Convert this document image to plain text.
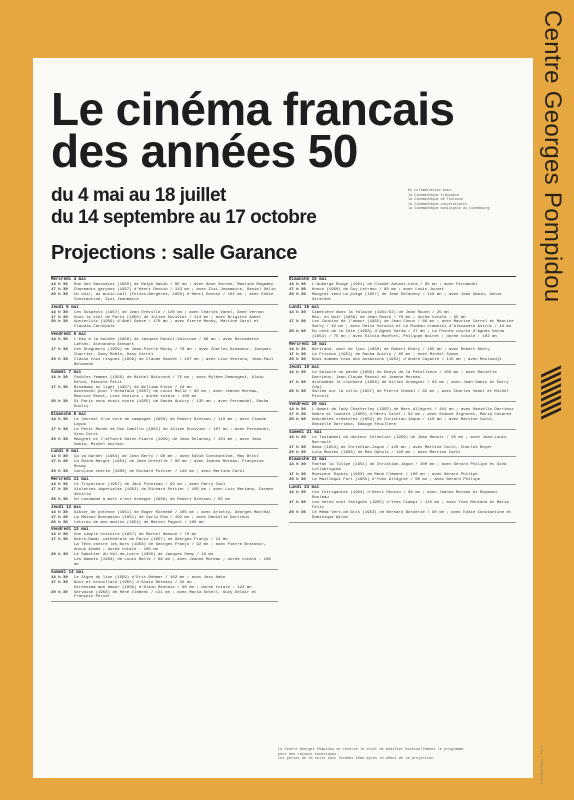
Le cinéma francais
des années 50
du 4 mai au 18 juillet
du 14 septembre au 17 octobre
En collaboration avec:
la Cinémathèque française
la Cinémathèque de Toulouse
la Cinémathèque universitaire
la Cinémathèque municipale du Luxembourg
Projections : salle Garance
Mercredi 4 mai
14 h 30	Rue des Saussaies (1950) de Ralph Habib / 85 mn ; avec Anne Vernon, Maurice Regamey
17 h 30	Charmants garçons (1957) d'Henri Decoin / 113 mn ; avec Zizi Jeanmaire, Daniel Gélin
20 h 30	Un soir, au music-hall (Folies-Bergères, 1956) d'Henri Decoin / 102 mn ; avec Eddie Constantine, Zizi Jeanmaire
Jeudi 5 mai
14 h 30	Les Suspects (1957) de Jean Dréville / 120 mn ; avec Charles Vanel, Anne Vernon
17 h 30	Sous le ciel de Paris (1950) de Julien Duvivier / 114 mn ; avec Brigitte Auber
20 h 30	Austerlitz (1959) d'Abel Gance / 170 mn ; avec Pierre Mondy, Martine Carol et Claudia Cardinale
Vendredi 6 mai
14 h 30	L'Eau à la bouche (1959) de Jacques Doniol-Valcroze / 88 mn ; avec Bernadette Lafont, Alexandra Stewart
17 h 30	Les Dragueurs (1959) de Jean-Pierre Mocky / 78 mn ; avec Charles Aznavour, Jacques Charrier, Dany Robin, Dany Carrel
20 h 30	Classe tous risques (1959) de Claude Sautet / 107 mn ; avec Lino Ventura, Jean-Paul Belmondo
Samedi 7 mai
14 h 30	Faibles femmes (1959) de Michel Boisrond / 75 mn ; avec Mylène Demongeot, Alain Delon, Pascale Petit
17 h 30	Broadway by light (1957) de William Klein / 10 mn
Ascenseur pour l'échafaud (1957) de Louis Malle / 90 mn ; avec Jeanne Moreau, Maurice Ronet, Lino Ventura ; durée totale : 100 mn
20 h 30	Si Paris nous était conté (1955) de Sacha Guitry / 135 mn ; avec Fernandel, Sacha Guitry
Dimanche 8 mai
14 h 30	Le Journal d'un curé de campagne (1950) de Robert Bresson / 110 mn ; avec Claude Laydu
17 h 30	Le Petit Monde de Don Camillo (1951) de Julien Duvivier / 107 mn ; avec Fernandel, Gino Cervi
20 h 30	Maigret et l'affaire Saint-Fiacre (1959) de Jean Delannoy / 101 mn ; avec Jean Gabin, Michel Auclair
Lundi 9 mai
14 h 30	Ça va barder (1954) de John Berry / 90 mn ; avec Eddie Constantine, May Britt
17 h 30	La Reine Margot (1954) de Jean Dréville / 90 mn ; avec Jeanne Moreau, Françoise Rosay
20 h 30	Caroline chérie (1950) de Richard Pottier / 140 mn ; avec Martine Carol
Mercredi 11 mai
14 h 30	Le Triporteur (1957) de Jack Pinoteau / 92 mn ; avec Darry Cowl
17 h 30	Violettes impériales (1952) de Richard Pottier / 105 mn ; avec Luis Mariano, Carmen Sevilla
20 h 30	Un condamné à mort s'est échappé (1956) de Robert Bresson / 95 mn
Jeudi 12 mai
14 h 30	Gibier de potence (1951) de Roger Richebé / 105 mn ; avec Arletty, Georges Marchal
17 h 30	La Maison Bonnadieu (1951) de Carlo Rim / 102 mn ; avec Danielle Darrieux
20 h 30	Lettres de mon moulin (1954) de Marcel Pagnol / 160 mn
Vendredi 13 mai
14 h 30	Une simple histoire (1957) de Marcel Hanoun / 70 mn
17 h 30	Notre-Dame, cathédrale de Paris (1957) de Georges Franju / 13 mn
La Tête contre les murs (1958) de Georges Franju / 92 mn ; avec Pierre Brasseur, Anouk Aimée ; durée totale : 105 mn
20 h 30	Le Sabotier du Val-de-Loire (1955) de Jacques Demy / 18 mn
Les Amants (1958) de Louis Malle / 88 mn ; avec Jeanne Moreau ; durée totale : 106 mn
Samedi 14 mai
14 h 30	Le Signe du lion (1959) d'Eric Rohmer / 102 mn ; avec Jess Hahn
17 h 30	Nuit et brouillard (1955) d'Alain Resnais / 32 mn
Hiroshima mon amour (1959) d'Alain Resnais / 90 mn ; durée totale : 122 mn
20 h 30	Gervaise (1956) de René Clément / 111 mn ; avec Maria Schell, Suzy Delair et François Périer
Dimanche 15 mai
14 h 30	L'Auberge Rouge (1951) de Claude Autant-Lara / 95 mn ; avec Fernandel
17 h 30	Knock (1950) de Guy Lefranc / 85 mn ; avec Louis Jouvet
20 h 30	Maigret tend un piège (1957) de Jean Delannoy / 116 mn ; avec Jean Gabin, Annie Girardot
Lundi 16 mai
14 h 30	Cimetière dans la falaise (1951/52) de Jean Rouch / 25 mn
Moi, un Noir (1958) de Jean Rouch / 70 mn ; durée totale : 95 mn
17 h 30	Les Cousins de l'amour (1955) de Jean Choux / 86 mn ; avec Maurice Carrel et Maurice Sarry / 42 mn ; avec Odile Versois et Le Rideau cramoisi d'Alexandre Astruc / 44 mn
20 h 30	Du côté de la Côte (1958) d'Agnès Varda / 27 mn ; La Pointe courte d'Agnès Varda (1954) / 75 mn ; avec Silvia Monfort, Philippe Noiret ; durée totale : 102 mn
Mercredi 18 mai
14 h 30	Bertrand, cœur de lion (1950) de Robert Dhéry / 105 mn ; avec Robert Dhéry
17 h 30	Le Frisson (1951) de Sacha Guitry / 85 mn ; avec Michel Simon
20 h 30	Nous sommes tous des assassins (1952) d'André Cayatte / 115 mn ; avec Mouloudji
Jeudi 19 mai
14 h 30	Le Salaire du péché (1956) de Denys de la Patellière / 105 mn ; avec Danielle Darrieux, Jean-Claude Pascal et Jeanne Moreau
17 h 30	Archimède le clochard (1958) de Gilles Grangier / 83 mn ; avec Jean Gabin et Darry Cowl
20 h 30	Sallée sur la ville (1957) de Pierre Chenal / 82 mn ; avec Charles Vanel et Michel Piccoli
Vendredi 20 mai
14 h 30	L'Amant de lady Chatterley (1955) de Marc Allégret / 101 mn ; avec Danielle Darrieux
17 h 30	Ombre et lumière (1950) d'Henri Calef / 92 mn ; avec Simone Signoret, Maria Casarès
20 h 30	Adorables créatures (1952) de Christian-Jaque / 110 mn ; avec Martine Carol, Danielle Darrieux, Edwige Feuillère
Samedi 21 mai
14 h 30	Le Testament du docteur Cordelier (1959) de Jean Renoir / 95 mn ; avec Jean-Louis Barrault
17 h 30	Nana (1954) de Christian-Jaque / 120 mn ; avec Martine Carol, Charles Boyer
20 h 30	Lola Montès (1955) de Max Ophuls / 140 mn ; avec Martine Carol
Dimanche 22 mai
14 h 30	Fanfan la Tulipe (1951) de Christian-Jaque / 100 mn ; avec Gérard Philipe et Gina Lollobrigida
17 h 30	Monsieur Ripois (1953) de René Clément / 100 mn ; avec Gérard Philipe
20 h 30	Le Maillequi Fort (1955) d'Yves Allégret / 90 mn ; avec Gérard Philipe
Lundi 23 mai
14 h 30	Les Intrigantes (1954) d'Henri Decoin / 96 mn ; avec Jeanne Moreau et Raymond Rouleau
17 h 30	Les héros sont fatigués (1955) d'Yves Ciampi / 115 mn ; avec Yves Montand et Maria Felix
20 h 30	Le Même Vert-de-Gris (1953) de Bernard Borderie / 90 mn ; avec Eddie Constantine et Dominique Wilms
Le Centre Georges Pompidou se réserve le droit de modifier éventuellement le programme
pour des raisons techniques.
Les portes de la salle sont fermées 10mn après le début de la projection.	© Cinémathèque · Paris
Centre Georges Pompidou
